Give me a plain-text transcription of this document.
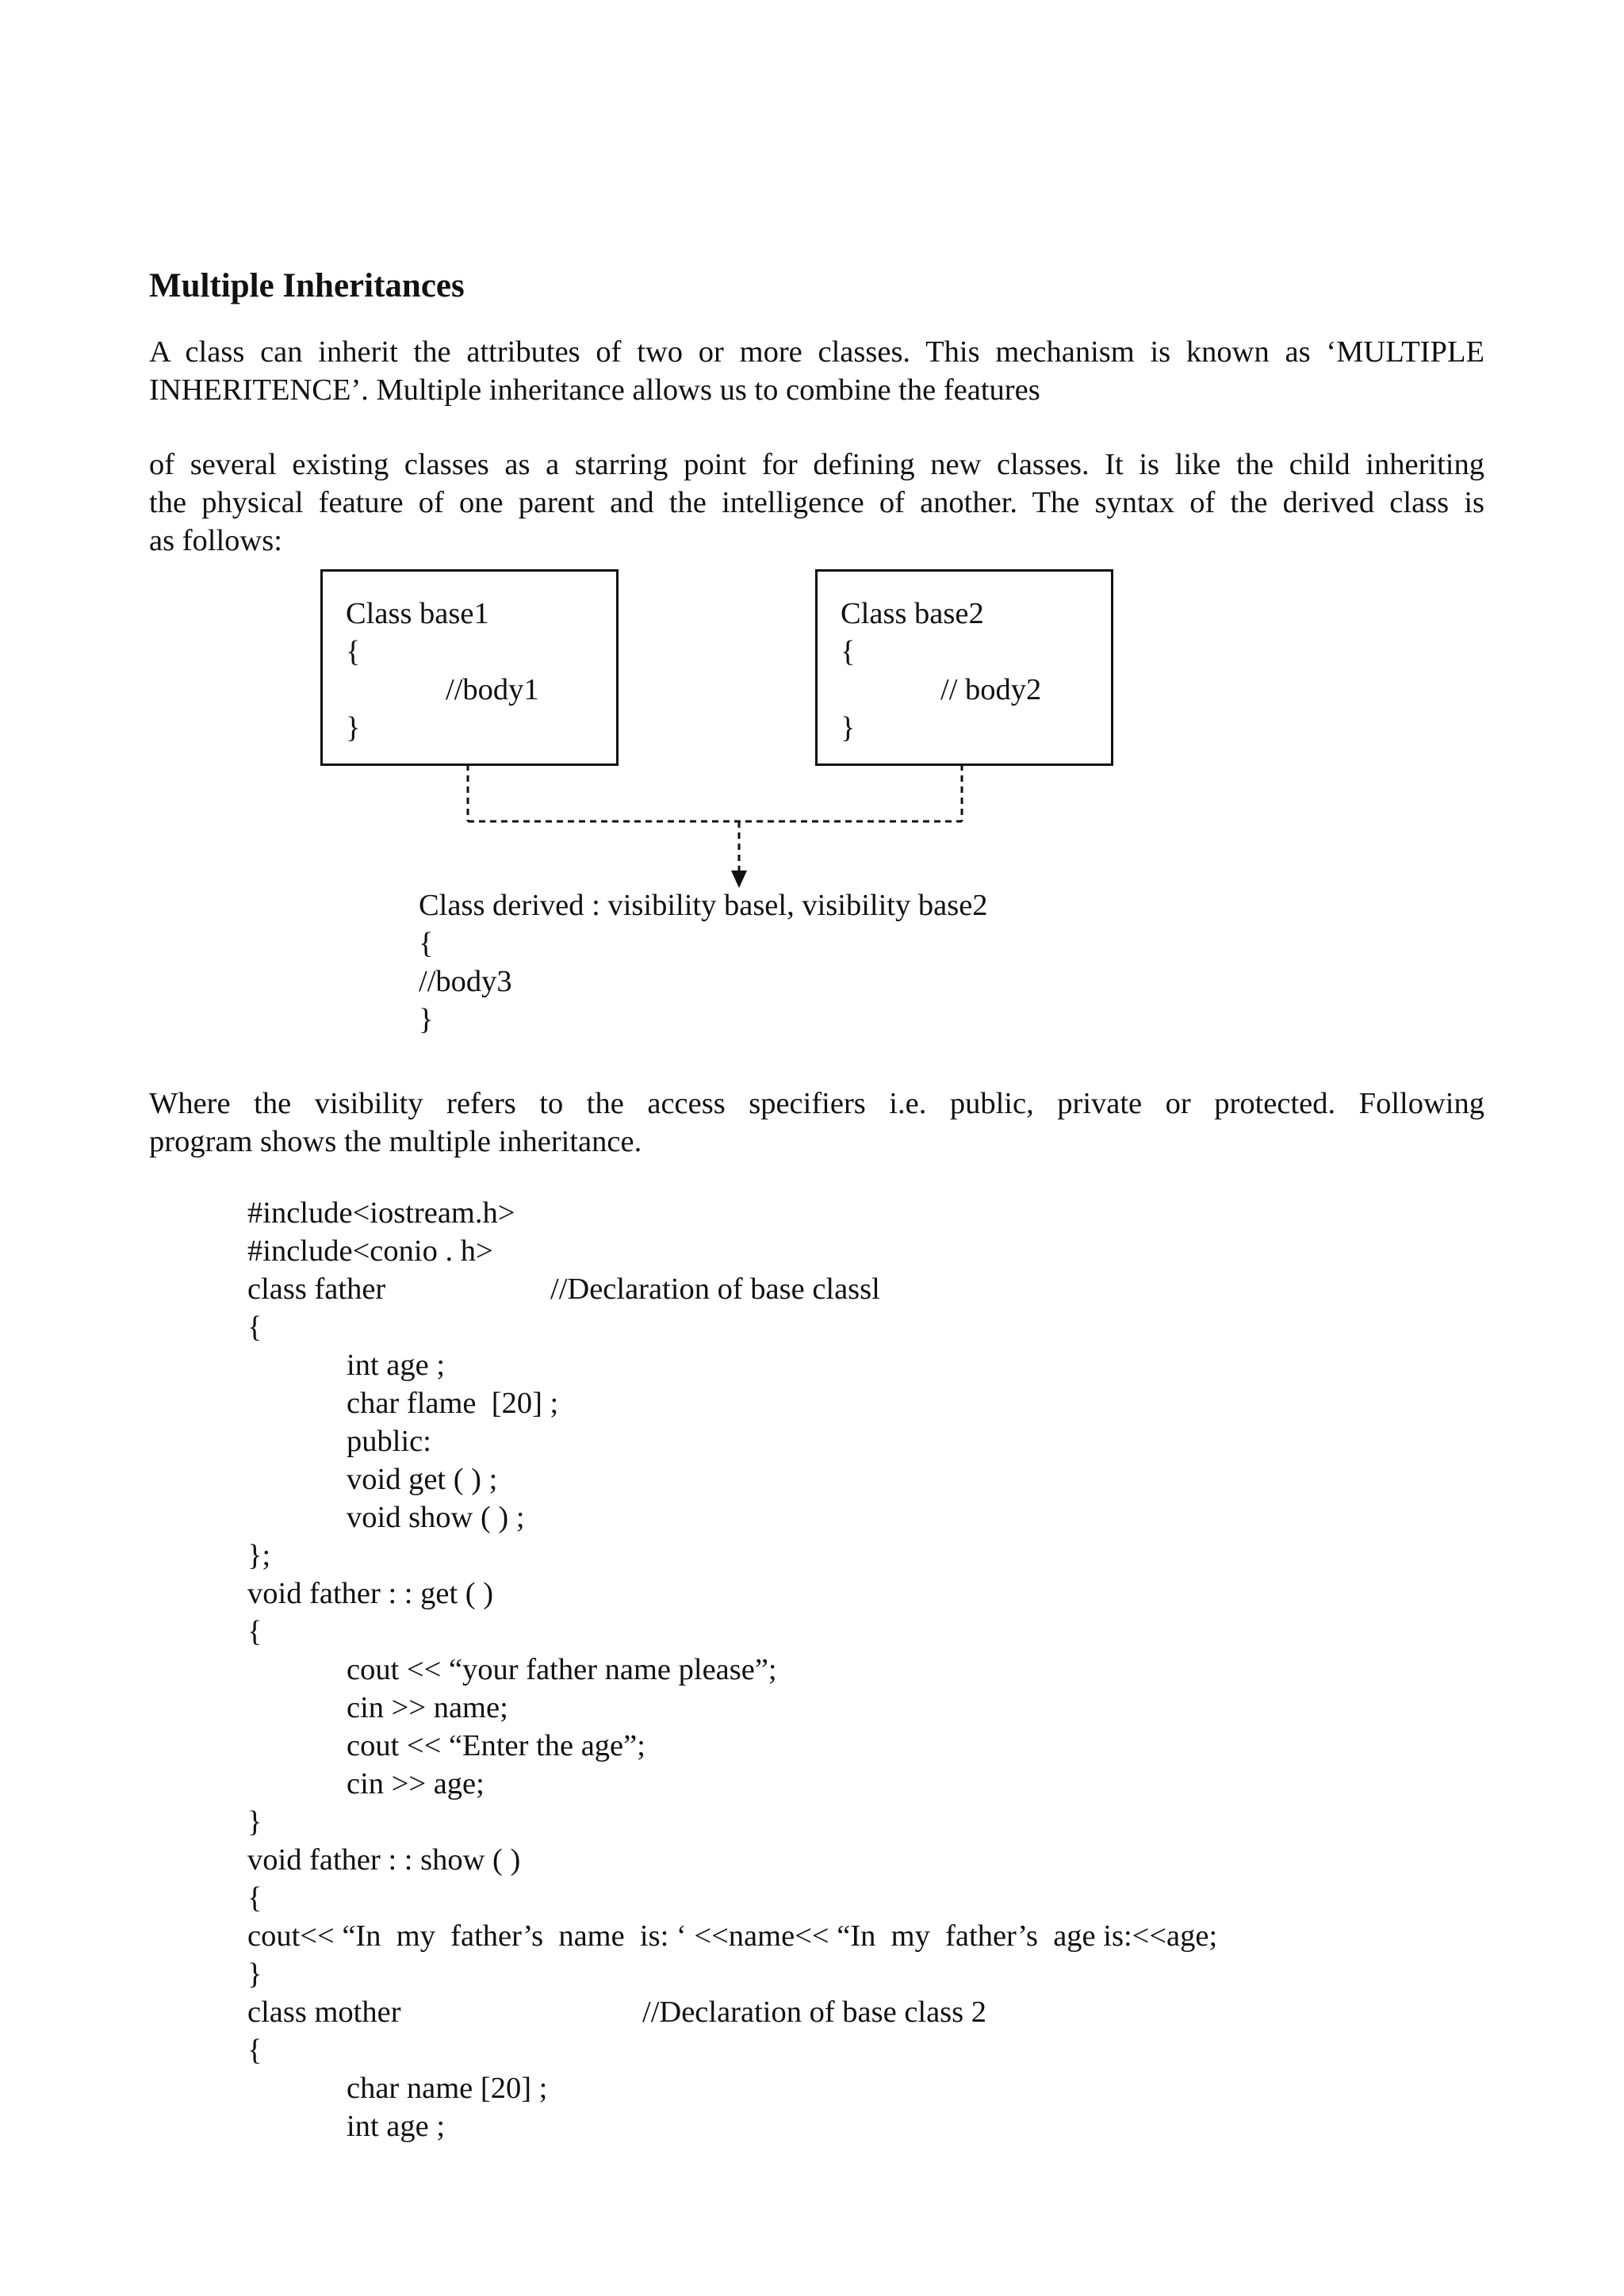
Multiple Inheritances
A class can inherit the attributes of two or more classes. This mechanism is known as ‘MULTIPLE
INHERITENCE’. Multiple inheritance allows us to combine the features
of several existing classes as a starring point for defining new classes. It is like the child inheriting
the physical feature of one parent and the intelligence of another. The syntax of the derived class is
as follows:
Class base1
{
//body1
}
Class base2
{
// body2
}
Class derived : visibility basel, visibility base2
{
//body3
}
Where the visibility refers to the access specifiers i.e. public, private or protected. Following
program shows the multiple inheritance.
#include<iostream.h>
#include<conio . h>
class father	//Declaration of base classl
{
int age ;
char flame  [20] ;
public:
void get ( ) ;
void show ( ) ;
};
void father : : get ( )
{
cout << “your father name please”;
cin >> name;
cout << “Enter the age”;
cin >> age;
}
void father : : show ( )
{
cout<< “In  my  father’s  name  is: ‘ <<name<< “In  my  father’s  age is:<<age;
}
class mother	//Declaration of base class 2
{
char name [20] ;
int age ;
